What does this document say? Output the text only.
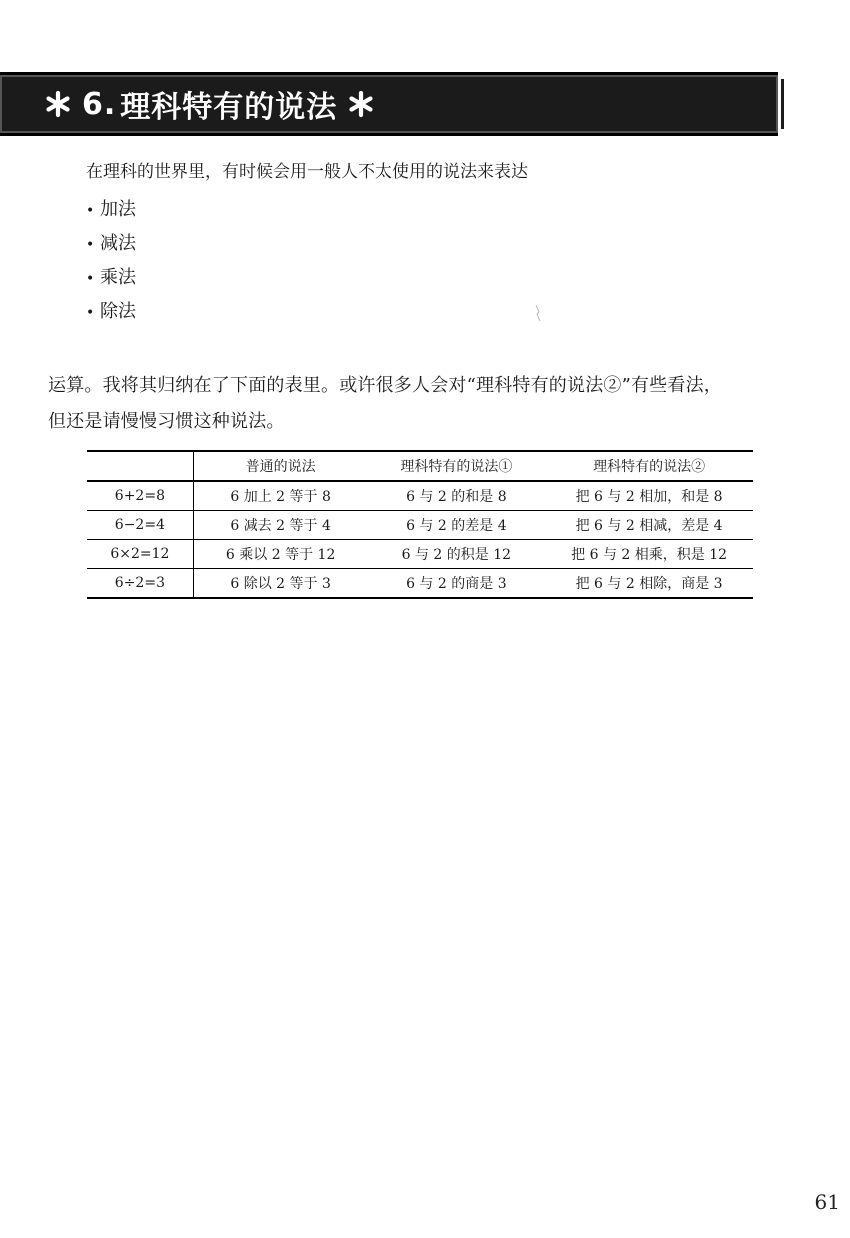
6. 理科特有的说法
在理科的世界里，有时候会用一般人不太使用的说法来表达
• 加法
• 减法
• 乘法
• 除法

运算。我将其归纳在了下面的表里。或许很多人会对“理科特有的说法②”有些看法，

但还是请慢慢习惯这种说法。

	普通的说法	理科特有的说法①	理科特有的说法②
6+2=8	6 加上 2 等于 8	6 与 2 的和是 8	把 6 与 2 相加，和是 8
6−2=4	6 减去 2 等于 4	6 与 2 的差是 4	把 6 与 2 相减，差是 4
6×2=12	6 乘以 2 等于 12	6 与 2 的积是 12	把 6 与 2 相乘，积是 12
6÷2=3	6 除以 2 等于 3	6 与 2 的商是 3	把 6 与 2 相除，商是 3
61
